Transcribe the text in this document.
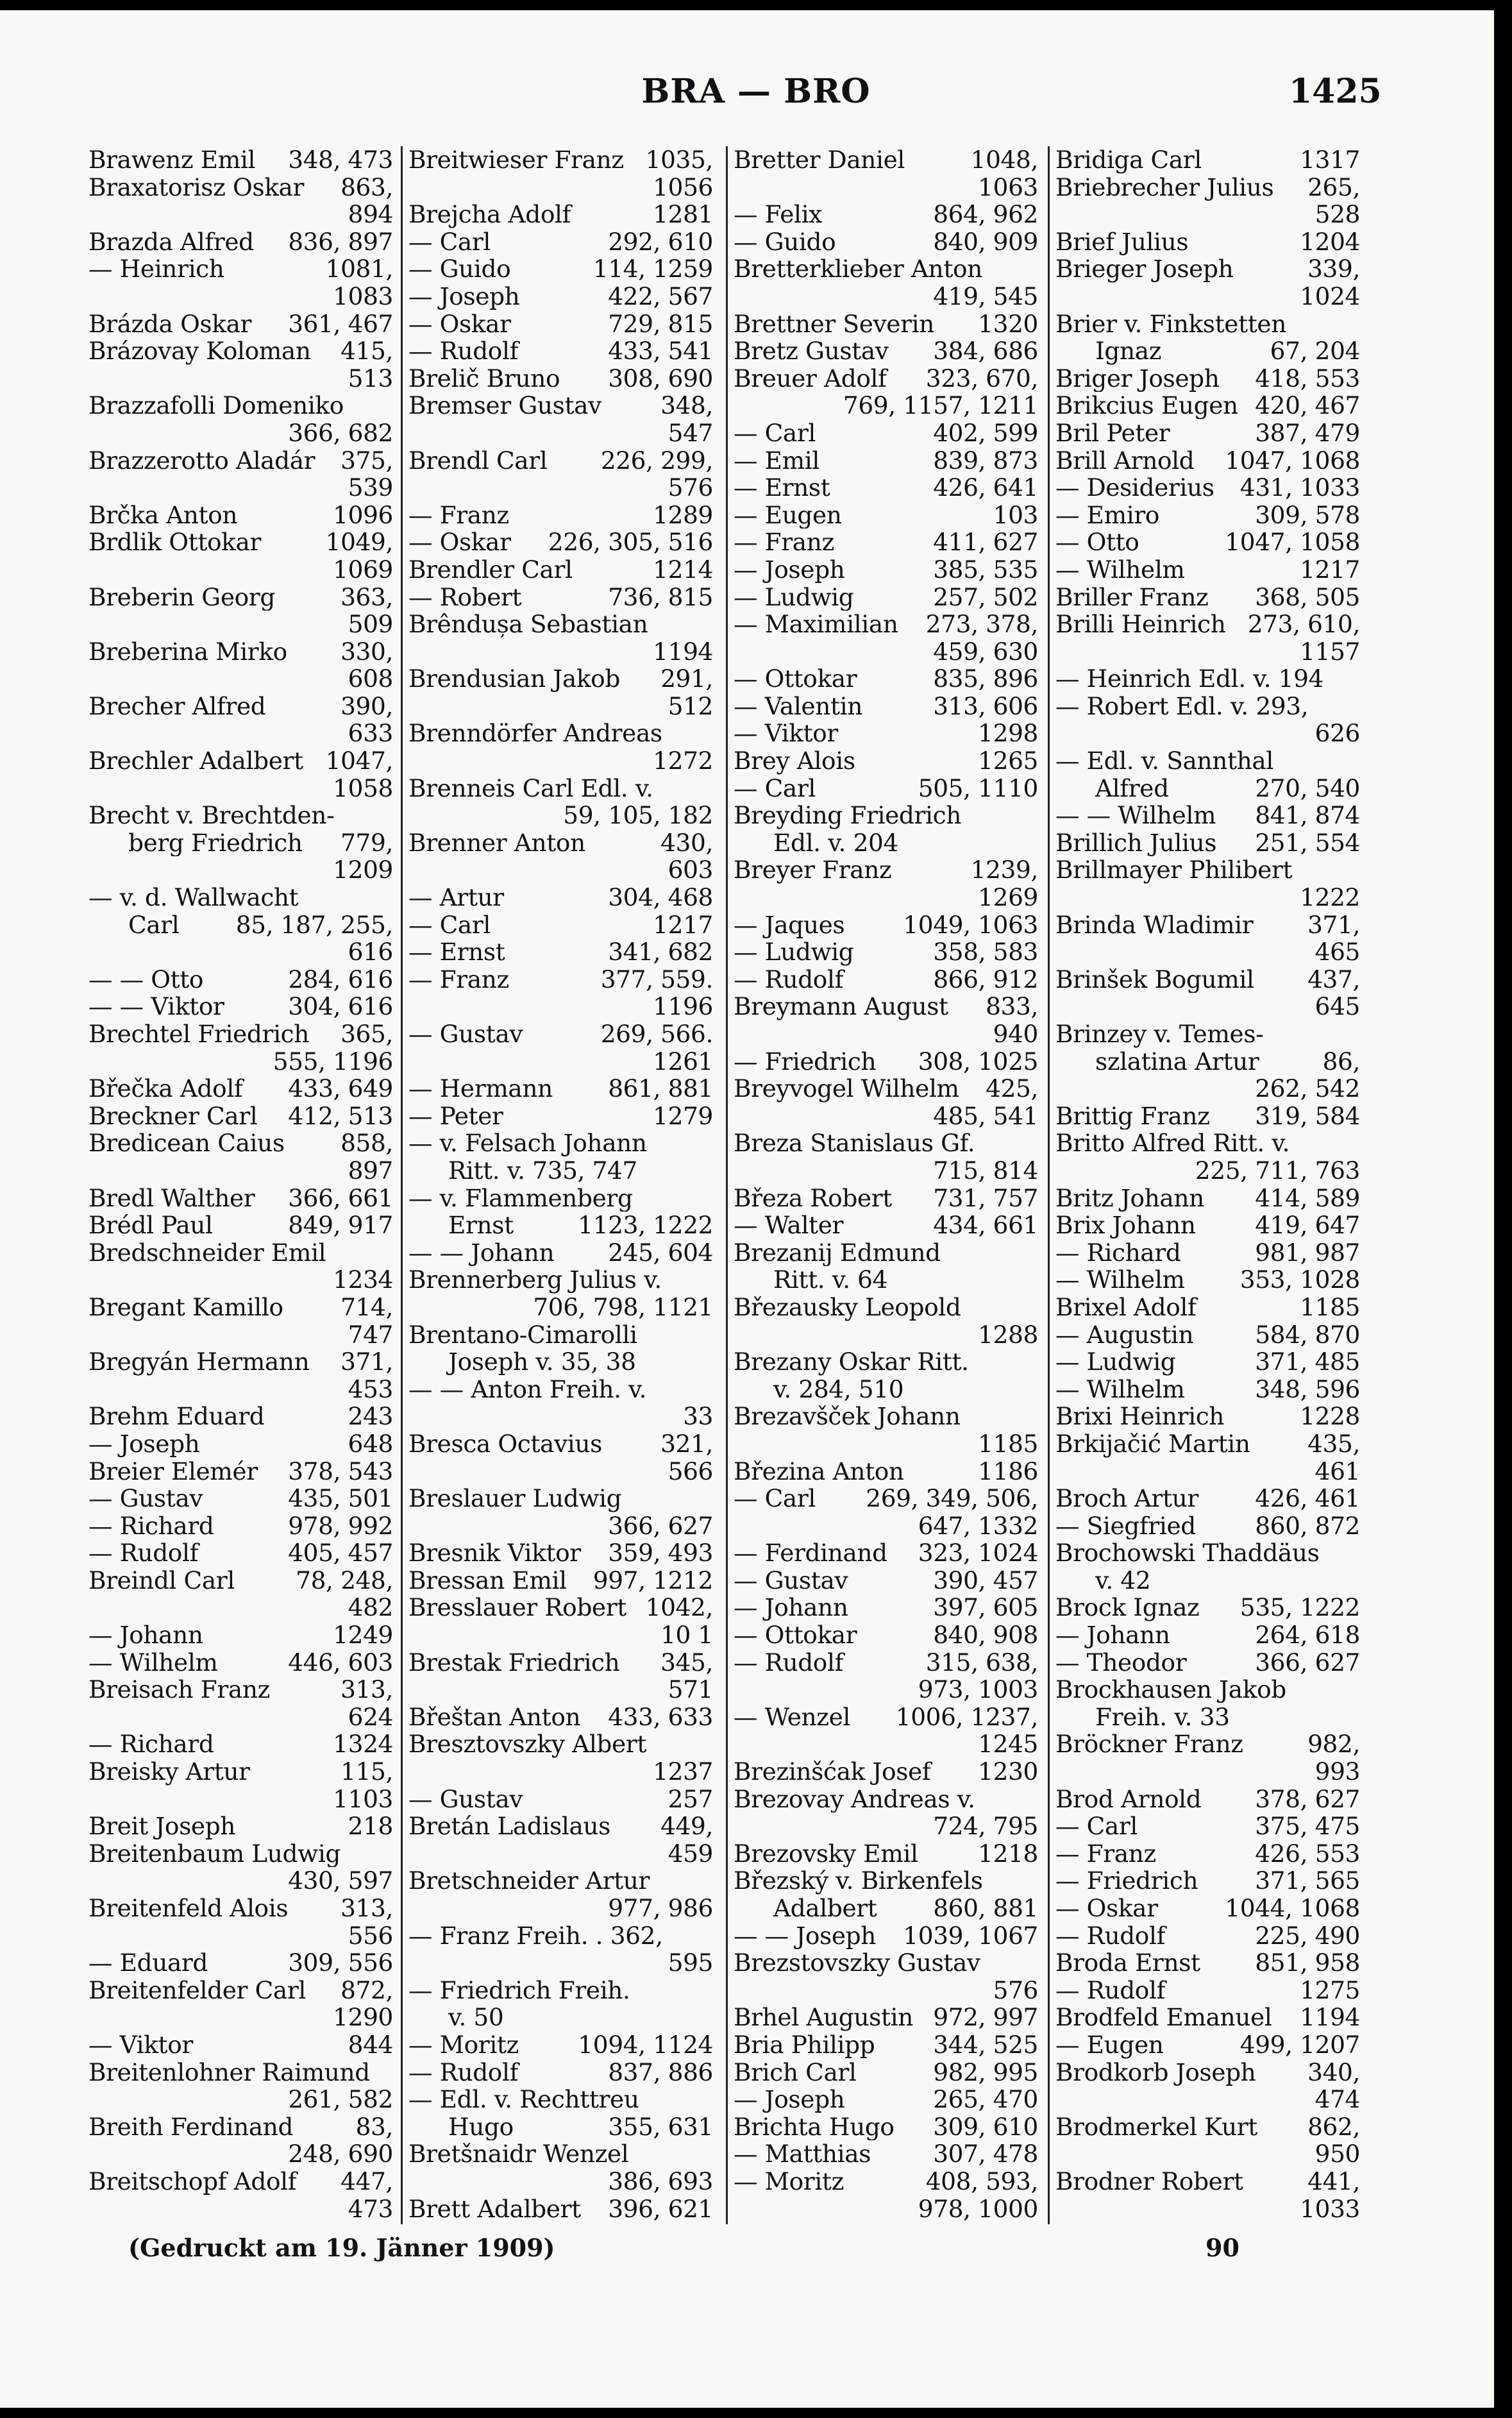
BRA — BRO	1425
Brawenz Emil 348, 473
Braxatorisz Oskar 863,
894
Brazda Alfred 836, 897
— Heinrich	1081,
1083
Brázda Oskar 361, 467
Brázovay Koloman 415,
513
Brazzafolli Domeniko
366, 682
Brazzerotto Aladár 375,
539
Brčka Anton	1096
Brdlik Ottokar	1049,
1069
Breberin Georg	363,
509
Breberina Mirko 330,
608
Brecher Alfred	390,
633
Brechler Adalbert 1047,
1058
Brecht v. Brechtden-
berg Friedrich 779,
1209
— v. d. Wallwacht
Carl 85, 187, 255,
616
— — Otto	284, 616
— — Viktor	304, 616
Brechtel Friedrich 365,
555, 1196
Břečka Adolf 433, 649
Breckner Carl 412, 513
Bredicean Caius 858,
897
Bredl Walther 366, 661
Brédl Paul	849, 917
Bredschneider Emil
1234
Bregant Kamillo 714,
747
Bregyán Hermann 371,
453
Brehm Eduard	243
— Joseph	648
Breier Elemér 378, 543
— Gustav	435, 501
— Richard	978, 992
— Rudolf	405, 457
Breindl Carl	78, 248,
482
— Johann	1249
— Wilhelm	446, 603
Breisach Franz	313,
624
— Richard	1324
Breisky Artur	115,
1103
Breit Joseph	218
Breitenbaum Ludwig
430, 597
Breitenfeld Alois 313,
556
— Eduard	309, 556
Breitenfelder Carl 872,
1290
— Viktor	844
Breitenlohner Raimund
261, 582
Breith Ferdinand	83,
248, 690
Breitschopf Adolf 447,
473
Breitwieser Franz 1035,
1056
Brejcha Adolf	1281
— Carl	292, 610
— Guido	114, 1259
— Joseph	422, 567
— Oskar	729, 815
— Rudolf	433, 541
Brelič Bruno 308, 690
Bremser Gustav 348,
547
Brendl Carl 226, 299,
576
— Franz	1289
— Oskar 226, 305, 516
Brendler Carl	1214
— Robert	736, 815
Brêndușa Sebastian
1194
Brendusian Jakob 291,
512
Brenndörfer Andreas
1272
Brenneis Carl Edl. v.
59, 105, 182
Brenner Anton	430,
603
— Artur	304, 468
— Carl	1217
— Ernst	341, 682
— Franz	377, 559.
1196
— Gustav	269, 566.
1261
— Hermann 861, 881
— Peter	1279
— v. Felsach Johann
Ritt. v. 735, 747
— v. Flammenberg
Ernst	1123, 1222
— — Johann 245, 604
Brennerberg Julius v.
706, 798, 1121
Brentano-Cimarolli
Joseph v. 35, 38
— — Anton Freih. v.
33
Bresca Octavius 321,
566
Breslauer Ludwig
366, 627
Bresnik Viktor 359, 493
Bressan Emil 997, 1212
Bresslauer Robert 1042,
10 1
Brestak Friedrich 345,
571
Břeštan Anton 433, 633
Bresztovszky Albert
1237
— Gustav	257
Bretán Ladislaus 449,
459
Bretschneider Artur
977, 986
— Franz Freih. . 362,
595
— Friedrich Freih.
v. 50
— Moritz 1094, 1124
— Rudolf	837, 886
— Edl. v. Rechttreu
Hugo	355, 631
Bretšnaidr Wenzel
386, 693
Brett Adalbert 396, 621
Bretter Daniel	1048,
1063
— Felix	864, 962
— Guido	840, 909
Bretterklieber Anton
419, 545
Brettner Severin 1320
Bretz Gustav 384, 686
Breuer Adolf 323, 670,
769, 1157, 1211
— Carl	402, 599
— Emil	839, 873
— Ernst	426, 641
— Eugen	103
— Franz	411, 627
— Joseph	385, 535
— Ludwig	257, 502
— Maximilian 273, 378,
459, 630
— Ottokar	835, 896
— Valentin	313, 606
— Viktor	1298
Brey Alois	1265
— Carl	505, 1110
Breyding Friedrich
Edl. v. 204
Breyer Franz	1239,
1269
— Jaques 1049, 1063
— Ludwig	358, 583
— Rudolf	866, 912
Breymann August 833,
940
— Friedrich 308, 1025
Breyvogel Wilhelm 425,
485, 541
Breza Stanislaus Gf.
715, 814
Březa Robert 731, 757
— Walter	434, 661
Brezanij Edmund
Ritt. v. 64
Březausky Leopold
1288
Brezany Oskar Ritt.
v. 284, 510
Brezavšček Johann
1185
Březina Anton	1186
— Carl 269, 349, 506,
647, 1332
— Ferdinand 323, 1024
— Gustav	390, 457
— Johann	397, 605
— Ottokar	840, 908
— Rudolf	315, 638,
973, 1003
— Wenzel 1006, 1237,
1245
Brezinšćak Josef 1230
Brezovay Andreas v.
724, 795
Brezovsky Emil 1218
Březský v. Birkenfels
Adalbert 860, 881
— — Joseph 1039, 1067
Brezstovszky Gustav
576
Brhel Augustin 972, 997
Bria Philipp 344, 525
Brich Carl	982, 995
— Joseph	265, 470
Brichta Hugo 309, 610
— Matthias	307, 478
— Moritz	408, 593,
978, 1000
Bridiga Carl	1317
Briebrecher Julius 265,
528
Brief Julius	1204
Brieger Joseph	339,
1024
Brier v. Finkstetten
Ignaz	67, 204
Briger Joseph 418, 553
Brikcius Eugen 420, 467
Bril Peter	387, 479
Brill Arnold 1047, 1068
— Desiderius 431, 1033
— Emiro	309, 578
— Otto	1047, 1058
— Wilhelm	1217
Briller Franz 368, 505
Brilli Heinrich 273, 610,
1157
— Heinrich Edl. v. 194
— Robert Edl. v. 293,
626
— Edl. v. Sannthal
Alfred	270, 540
— — Wilhelm 841, 874
Brillich Julius 251, 554
Brillmayer Philibert
1222
Brinda Wladimir 371,
465
Brinšek Bogumil 437,
645
Brinzey v. Temes-
szlatina Artur	86,
262, 542
Brittig Franz 319, 584
Britto Alfred Ritt. v.
225, 711, 763
Britz Johann 414, 589
Brix Johann 419, 647
— Richard	981, 987
— Wilhelm 353, 1028
Brixel Adolf	1185
— Augustin	584, 870
— Ludwig	371, 485
— Wilhelm	348, 596
Brixi Heinrich	1228
Brkijačić Martin 435,
461
Broch Artur 426, 461
— Siegfried 860, 872
Brochowski Thaddäus
v. 42
Brock Ignaz 535, 1222
— Johann	264, 618
— Theodor	366, 627
Brockhausen Jakob
Freih. v. 33
Bröckner Franz	982,
993
Brod Arnold 378, 627
— Carl	375, 475
— Franz	426, 553
— Friedrich 371, 565
— Oskar	1044, 1068
— Rudolf	225, 490
Broda Ernst 851, 958
— Rudolf	1275
Brodfeld Emanuel 1194
— Eugen	499, 1207
Brodkorb Joseph 340,
474
Brodmerkel Kurt 862,
950
Brodner Robert	441,
1033
(Gedruckt am 19. Jänner 1909)	90
